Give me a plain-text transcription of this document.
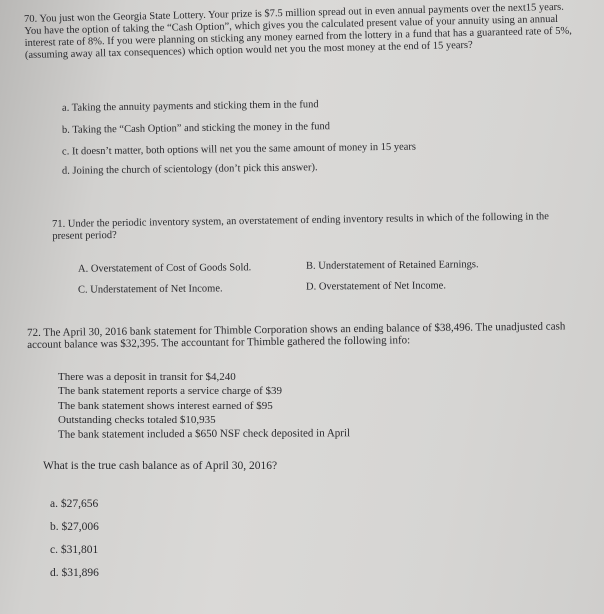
70. You just won the Georgia State Lottery. Your prize is $7.5 million spread out in even annual payments over the next15 years. You have the option of taking the “Cash Option”, which gives you the calculated present value of your annuity using an annual interest rate of 8%. If you were planning on sticking any money earned from the lottery in a fund that has a guaranteed rate of 5%, (assuming away all tax consequences) which option would net you the most money at the end of 15 years?
a. Taking the annuity payments and sticking them in the fund
b. Taking the “Cash Option” and sticking the money in the fund
c. It doesn’t matter, both options will net you the same amount of money in 15 years
d. Joining the church of scientology (don’t pick this answer).
71. Under the periodic inventory system, an overstatement of ending inventory results in which of the following in the present period?
A. Overstatement of Cost of Goods Sold.	B. Understatement of Retained Earnings.
C. Understatement of Net Income.	D. Overstatement of Net Income.
72. The April 30, 2016 bank statement for Thimble Corporation shows an ending balance of $38,496. The unadjusted cash account balance was $32,395. The accountant for Thimble gathered the following info:
There was a deposit in transit for $4,240
The bank statement reports a service charge of $39
The bank statement shows interest earned of $95
Outstanding checks totaled $10,935
The bank statement included a $650 NSF check deposited in April
What is the true cash balance as of April 30, 2016?
a. $27,656
b. $27,006
c. $31,801
d. $31,896
